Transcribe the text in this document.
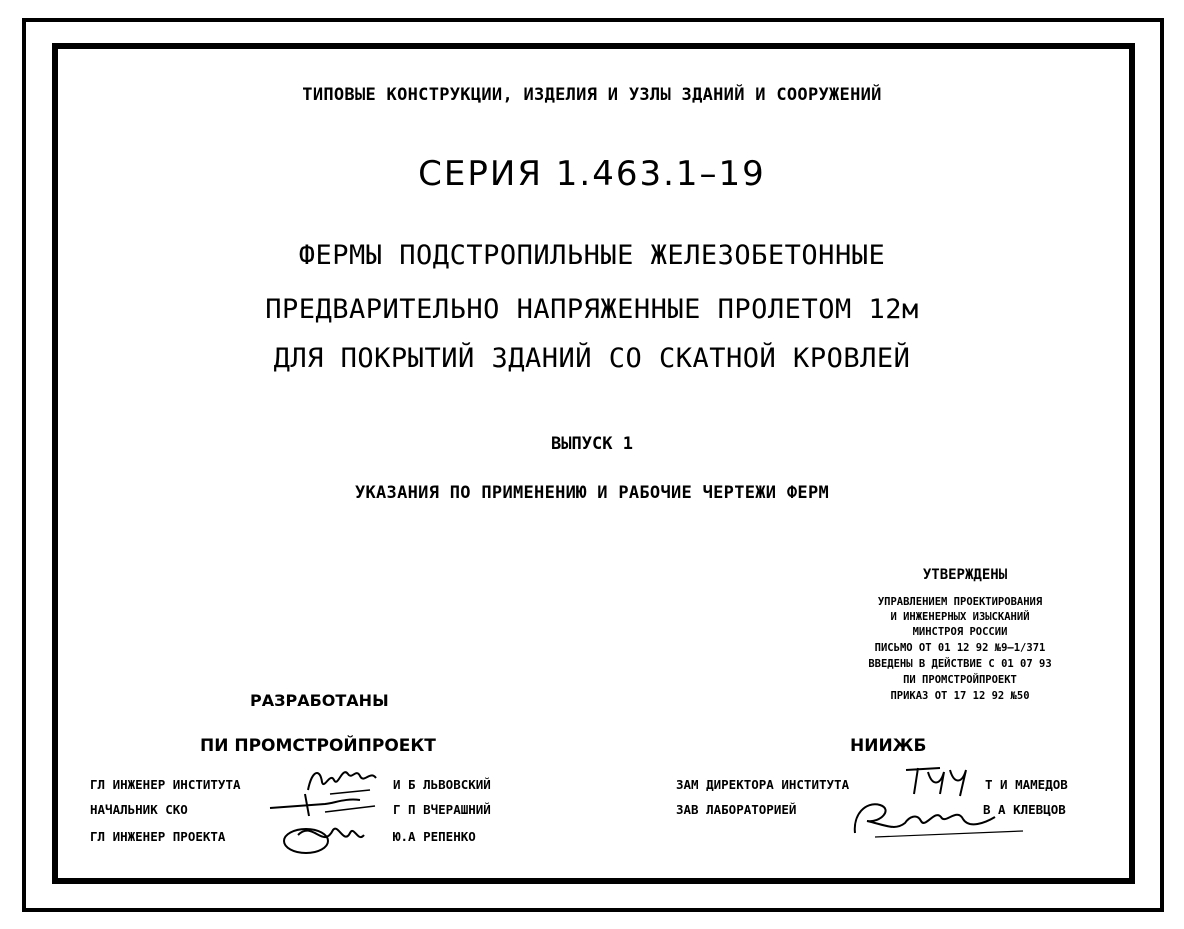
ТИПОВЫЕ КОНСТРУКЦИИ, ИЗДЕЛИЯ И УЗЛЫ ЗДАНИЙ И СООРУЖЕНИЙ
СЕРИЯ 1.463.1–19
ФЕРМЫ ПОДСТРОПИЛЬНЫЕ ЖЕЛЕЗОБЕТОННЫЕ
ПРЕДВАРИТЕЛЬНО НАПРЯЖЕННЫЕ ПРОЛЕТОМ 12м
ДЛЯ ПОКРЫТИЙ ЗДАНИЙ СО СКАТНОЙ КРОВЛЕЙ
ВЫПУСК 1
УКАЗАНИЯ ПО ПРИМЕНЕНИЮ И РАБОЧИЕ ЧЕРТЕЖИ ФЕРМ
УТВЕРЖДЕНЫ
УПРАВЛЕНИЕМ ПРОЕКТИРОВАНИЯ
И ИНЖЕНЕРНЫХ ИЗЫСКАНИЙ
МИНСТРОЯ РОССИИ
ПИСЬМО ОТ 01 12 92 №9–1/371
ВВЕДЕНЫ В ДЕЙСТВИЕ С 01 07 93
ПИ ПРОМСТРОЙПРОЕКТ
ПРИКАЗ ОТ 17 12 92 №50
РАЗРАБОТАНЫ
ПИ ПРОМСТРОЙПРОЕКТ	НИИЖБ
ГЛ ИНЖЕНЕР ИНСТИТУТА	И Б ЛЬВОВСКИЙ
НАЧАЛЬНИК СКО	Г П ВЧЕРАШНИЙ
ГЛ ИНЖЕНЕР ПРОЕКТА	Ю.А РЕПЕНКО
ЗАМ ДИРЕКТОРА ИНСТИТУТА	Т И МАМЕДОВ
ЗАВ ЛАБОРАТОРИЕЙ	В А КЛЕВЦОВ
